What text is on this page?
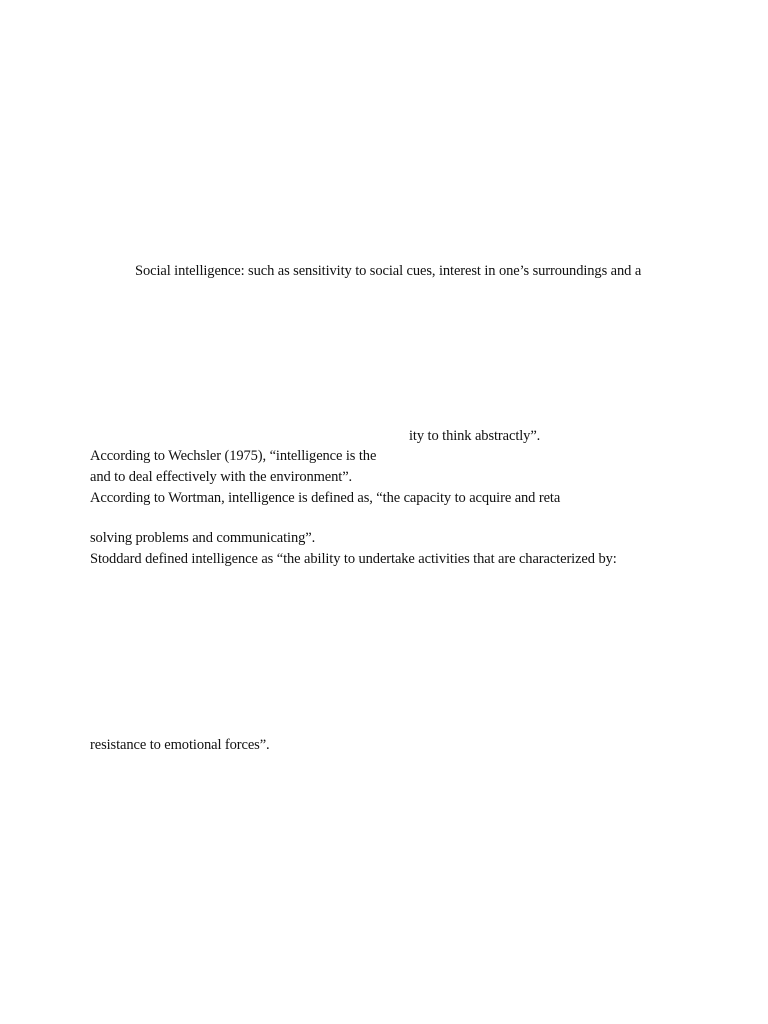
Social intelligence: such as sensitivity to social cues, interest in one’s surroundings and a
ity to think abstractly”.
According to Wechsler (1975), “intelligence is the
and to deal effectively with the environment”.
According to Wortman, intelligence is defined as, “the capacity to acquire and reta
solving problems and communicating”.
Stoddard defined intelligence as “the ability to undertake activities that are characterized by:
resistance to emotional forces”.
